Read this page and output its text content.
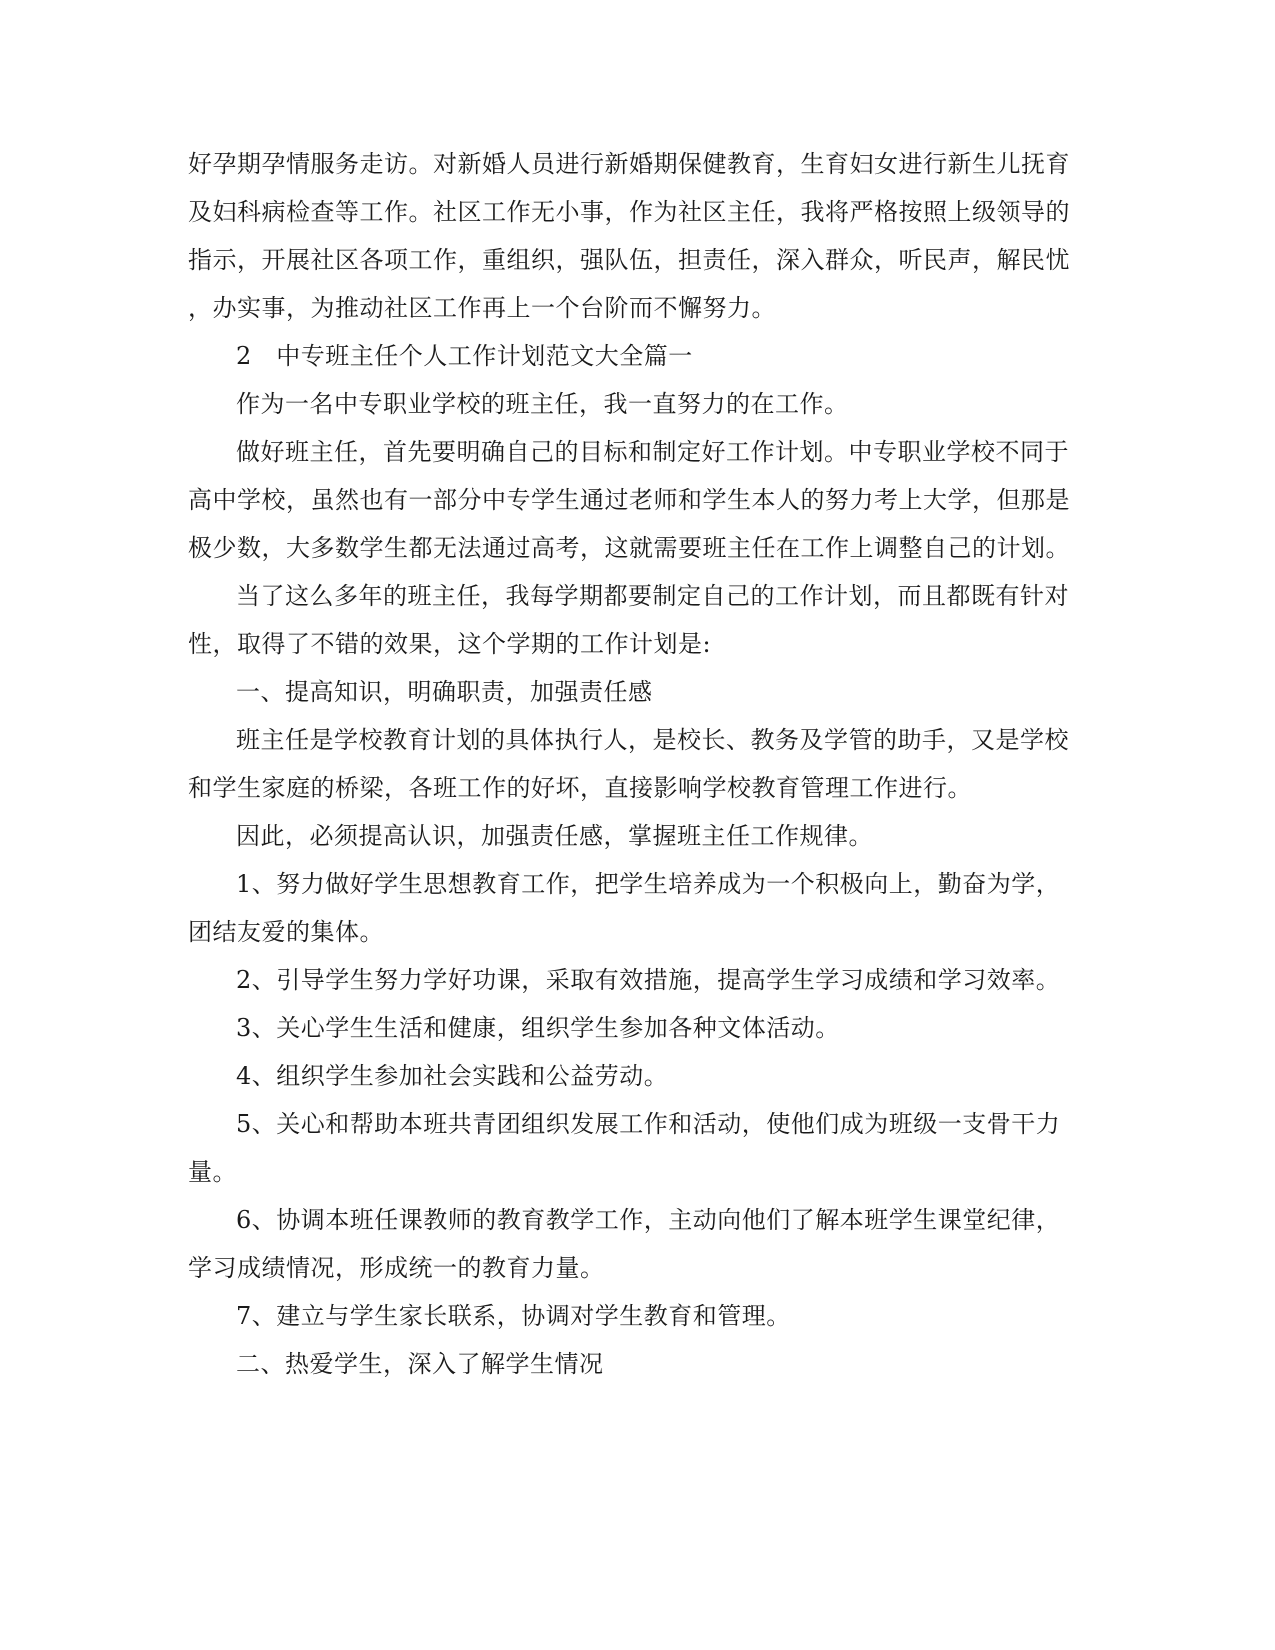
好孕期孕情服务走访。对新婚人员进行新婚期保健教育，生育妇女进行新生儿抚育
及妇科病检查等工作。社区工作无小事，作为社区主任，我将严格按照上级领导的
指示，开展社区各项工作，重组织，强队伍，担责任，深入群众，听民声，解民忧
，办实事，为推动社区工作再上一个台阶而不懈努力。
2　中专班主任个人工作计划范文大全篇一
作为一名中专职业学校的班主任，我一直努力的在工作。
做好班主任，首先要明确自己的目标和制定好工作计划。中专职业学校不同于
高中学校，虽然也有一部分中专学生通过老师和学生本人的努力考上大学，但那是
极少数，大多数学生都无法通过高考，这就需要班主任在工作上调整自己的计划。
当了这么多年的班主任，我每学期都要制定自己的工作计划，而且都既有针对
性，取得了不错的效果，这个学期的工作计划是:
一、提高知识，明确职责，加强责任感
班主任是学校教育计划的具体执行人，是校长、教务及学管的助手，又是学校
和学生家庭的桥梁，各班工作的好坏，直接影响学校教育管理工作进行。
因此，必须提高认识，加强责任感，掌握班主任工作规律。
1、努力做好学生思想教育工作，把学生培养成为一个积极向上，勤奋为学，
团结友爱的集体。
2、引导学生努力学好功课，采取有效措施，提高学生学习成绩和学习效率。
3、关心学生生活和健康，组织学生参加各种文体活动。
4、组织学生参加社会实践和公益劳动。
5、关心和帮助本班共青团组织发展工作和活动，使他们成为班级一支骨干力
量。
6、协调本班任课教师的教育教学工作，主动向他们了解本班学生课堂纪律，
学习成绩情况，形成统一的教育力量。
7、建立与学生家长联系，协调对学生教育和管理。
二、热爱学生，深入了解学生情况
